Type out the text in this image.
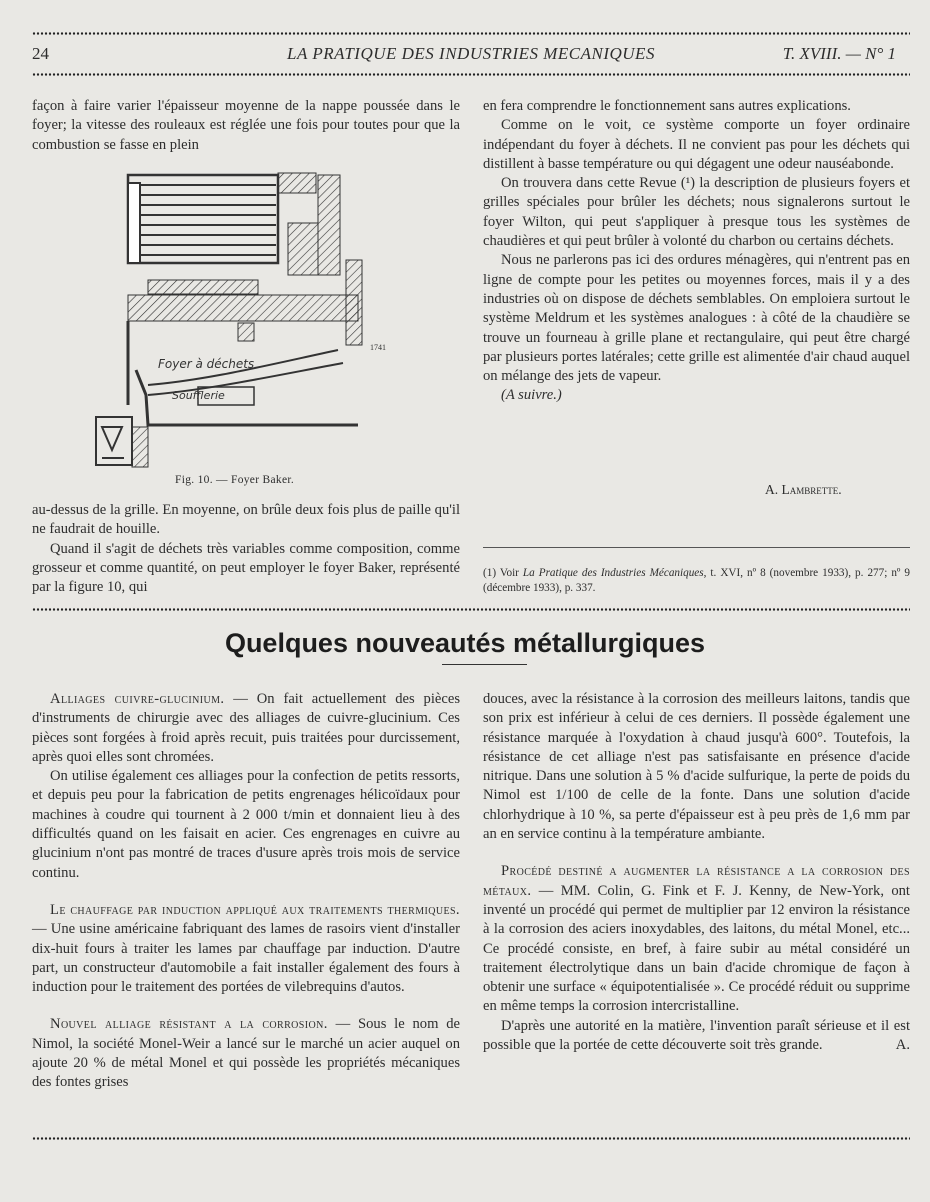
24	LA PRATIQUE DES INDUSTRIES MECANIQUES	T. XVIII. — N° 1

façon à faire varier l'épaisseur moyenne de la nappe poussée dans le foyer; la vitesse des rouleaux est réglée une fois pour toutes pour que la combustion se fasse en plein

Foyer à déchets
Soufflerie
1741
Fig. 10. — Foyer Baker.

au-dessus de la grille. En moyenne, on brûle deux fois plus de paille qu'il ne faudrait de houille.

Quand il s'agit de déchets très variables comme composition, comme grosseur et comme quantité, on peut employer le foyer Baker, représenté par la figure 10, qui

en fera comprendre le fonctionnement sans autres explications.

Comme on le voit, ce système comporte un foyer ordinaire indépendant du foyer à déchets. Il ne convient pas pour les déchets qui distillent à basse température ou qui dégagent une odeur nauséabonde.

On trouvera dans cette Revue (¹) la description de plusieurs foyers et grilles spéciales pour brûler les déchets; nous signalerons surtout le foyer Wilton, qui peut s'appliquer à presque tous les systèmes de chaudières et qui peut brûler à volonté du charbon ou certains déchets.

Nous ne parlerons pas ici des ordures ménagères, qui n'entrent pas en ligne de compte pour les petites ou moyennes forces, mais il y a des industries où on dispose de déchets semblables. On emploiera surtout le système Meldrum et les systèmes analogues : à côté de la chaudière se trouve un fourneau à grille plane et rectangulaire, qui peut être chargé par plusieurs portes latérales; cette grille est alimentée d'air chaud auquel on mélange des jets de vapeur.

(A suivre.)

A. Lambrette.
(1) Voir La Pratique des Industries Mécaniques, t. XVI, nº 8 (novembre 1933), p. 277; nº 9 (décembre 1933), p. 337.
Quelques nouveautés métallurgiques

Alliages cuivre-glucinium. — On fait actuellement des pièces d'instruments de chirurgie avec des alliages de cuivre-glucinium. Ces pièces sont forgées à froid après recuit, puis traitées pour durcissement, après quoi elles sont chromées.

On utilise également ces alliages pour la confection de petits ressorts, et depuis peu pour la fabrication de petits engrenages hélicoïdaux pour machines à coudre qui tournent à 2 000 t/min et donnaient lieu à des difficultés quand on les faisait en acier. Ces engrenages en cuivre au glucinium n'ont pas montré de traces d'usure après trois mois de service continu.

Le chauffage par induction appliqué aux traitements thermiques. — Une usine américaine fabriquant des lames de rasoirs vient d'installer dix-huit fours à traiter les lames par chauffage par induction. D'autre part, un constructeur d'automobile a fait installer également des fours à induction pour le traitement des portées de vilebrequins d'autos.

Nouvel alliage résistant a la corrosion. — Sous le nom de Nimol, la société Monel-Weir a lancé sur le marché un acier auquel on ajoute 20 % de métal Monel et qui possède les propriétés mécaniques des fontes grises

douces, avec la résistance à la corrosion des meilleurs laitons, tandis que son prix est inférieur à celui de ces derniers. Il possède également une résistance marquée à l'oxydation à chaud jusqu'à 600°. Toutefois, la résistance de cet alliage n'est pas satisfaisante en présence d'acide nitrique. Dans une solution à 5 % d'acide sulfurique, la perte de poids du Nimol est 1/100 de celle de la fonte. Dans une solution d'acide chlorhydrique à 10 %, sa perte d'épaisseur est à peu près de 1,6 mm par an en service continu à la température ambiante.

Procédé destiné a augmenter la résistance a la corrosion des métaux. — MM. Colin, G. Fink et F. J. Kenny, de New-York, ont inventé un procédé qui permet de multiplier par 12 environ la résistance à la corrosion des aciers inoxydables, des laitons, du métal Monel, etc... Ce procédé consiste, en bref, à faire subir au métal considéré un traitement électrolytique dans un bain d'acide chromique de façon à obtenir une surface « équipotentialisée ». Ce procédé réduit ou supprime en même temps la corrosion intercristalline.

D'après une autorité en la matière, l'invention paraît sérieuse et il est possible que la portée de cette découverte soit très grande.	A.
